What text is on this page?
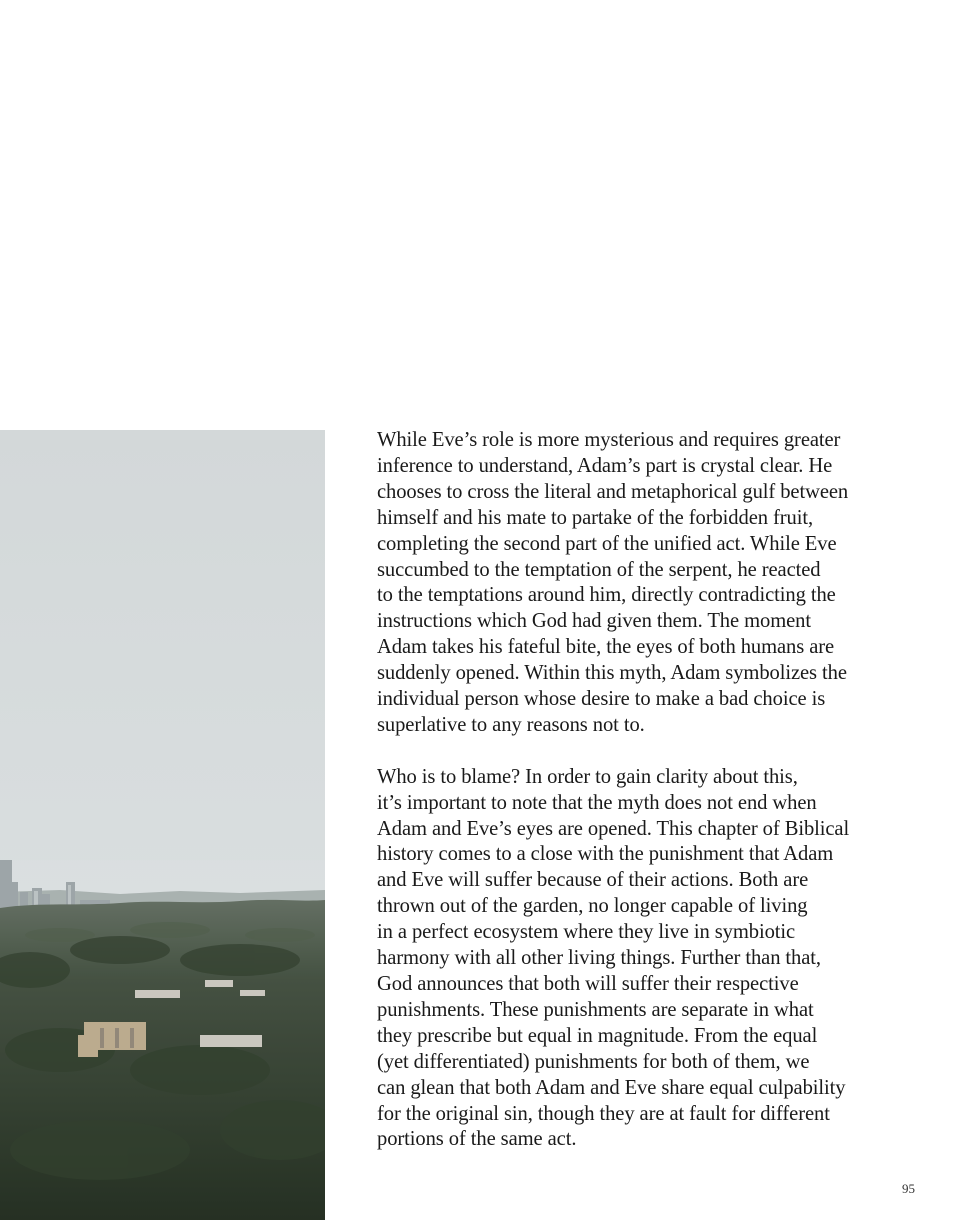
While Eve’s role is more mysterious and requires greater
inference to understand, Adam’s part is crystal clear. He
chooses to cross the literal and metaphorical gulf between
himself and his mate to partake of the forbidden fruit,
completing the second part of the unified act. While Eve
succumbed to the temptation of the serpent, he reacted
to the temptations around him, directly contradicting the
instructions which God had given them. The moment
Adam takes his fateful bite, the eyes of both humans are
suddenly opened. Within this myth, Adam symbolizes the
individual person whose desire to make a bad choice is
superlative to any reasons not to.

Who is to blame? In order to gain clarity about this,
it’s important to note that the myth does not end when
Adam and Eve’s eyes are opened. This chapter of Biblical
history comes to a close with the punishment that Adam
and Eve will suffer because of their actions. Both are
thrown out of the garden, no longer capable of living
in a perfect ecosystem where they live in symbiotic
harmony with all other living things. Further than that,
God announces that both will suffer their respective
punishments. These punishments are separate in what
they prescribe but equal in magnitude. From the equal
(yet differentiated) punishments for both of them, we
can glean that both Adam and Eve share equal culpability
for the original sin, though they are at fault for different
portions of the same act.

95
